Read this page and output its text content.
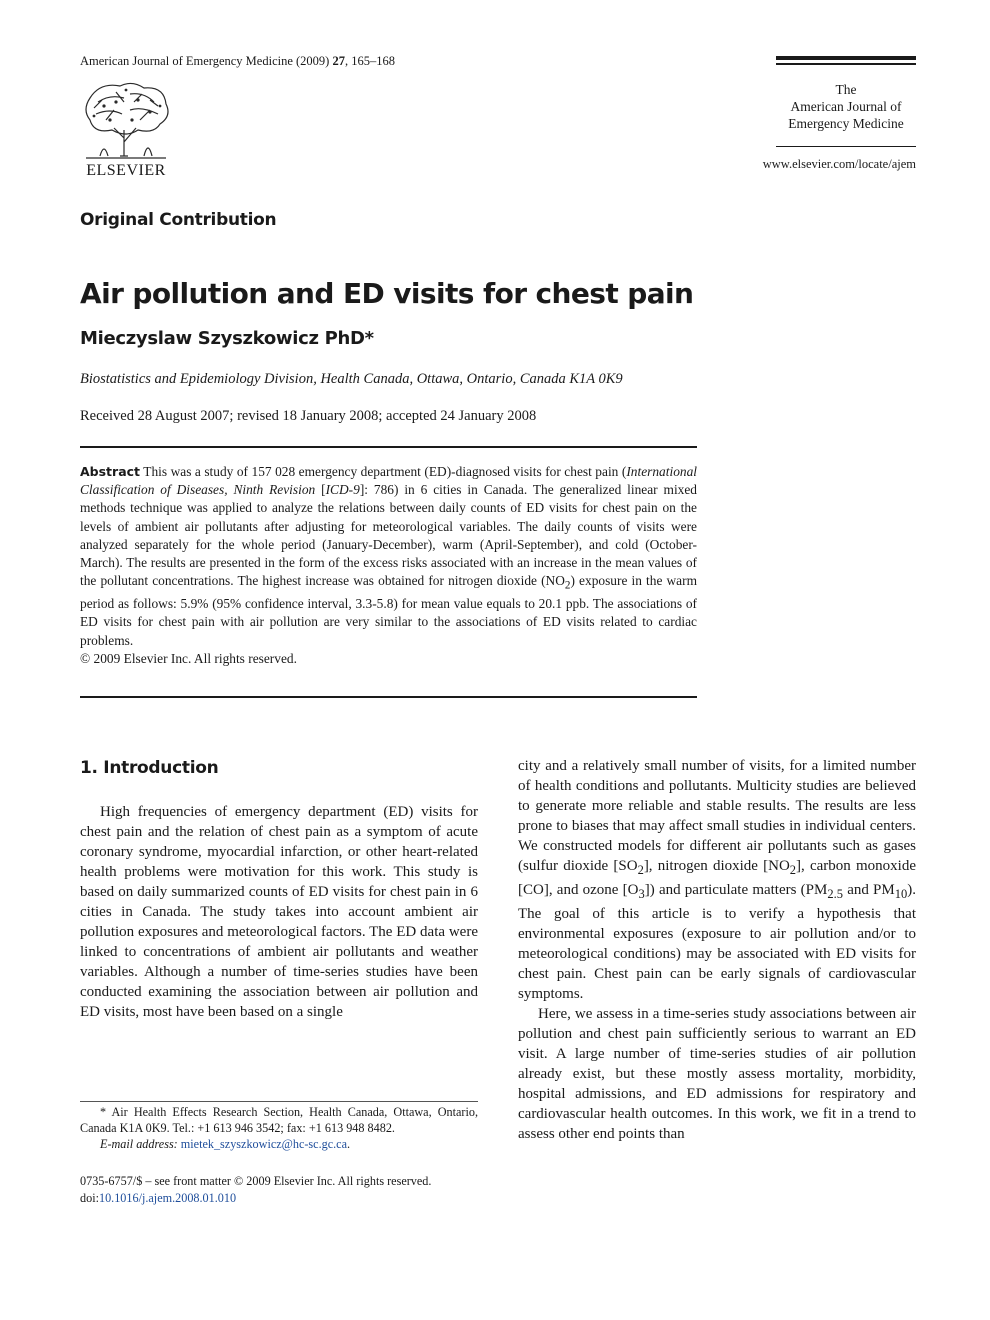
American Journal of Emergency Medicine (2009) 27, 165–168
ELSEVIER
The
American Journal of
Emergency Medicine
www.elsevier.com/locate/ajem
Original Contribution
Air pollution and ED visits for chest pain
Mieczyslaw Szyszkowicz PhD*
Biostatistics and Epidemiology Division, Health Canada, Ottawa, Ontario, Canada K1A 0K9
Received 28 August 2007; revised 18 January 2008; accepted 24 January 2008
Abstract This was a study of 157 028 emergency department (ED)-diagnosed visits for chest pain (International Classification of Diseases, Ninth Revision [ICD-9]: 786) in 6 cities in Canada. The generalized linear mixed methods technique was applied to analyze the relations between daily counts of ED visits for chest pain on the levels of ambient air pollutants after adjusting for meteorological variables. The daily counts of visits were analyzed separately for the whole period (January-December), warm (April-September), and cold (October-March). The results are presented in the form of the excess risks associated with an increase in the mean values of the pollutant concentrations. The highest increase was obtained for nitrogen dioxide $(NO_2)$ exposure in the warm period as follows: 5.9% (95% confidence interval, 3.3-5.8) for mean value equals to 20.1 ppb. The associations of ED visits for chest pain with air pollution are very similar to the associations of ED visits related to cardiac problems.
© 2009 Elsevier Inc. All rights reserved.
1. Introduction

High frequencies of emergency department (ED) visits for chest pain and the relation of chest pain as a symptom of acute coronary syndrome, myocardial infarction, or other heart-related health problems were motivation for this work. This study is based on daily summarized counts of ED visits for chest pain in 6 cities in Canada. The study takes into account ambient air pollution exposures and meteorological factors. The ED data were linked to concentrations of ambient air pollutants and weather variables. Although a number of time-series studies have been conducted examining the association between air pollution and ED visits, most have been based on a single

city and a relatively small number of visits, for a limited number of health conditions and pollutants. Multicity studies are believed to generate more reliable and stable results. The results are less prone to biases that may affect small studies in individual centers. We constructed models for different air pollutants such as gases (sulfur dioxide $[SO_2]$, nitrogen dioxide $[NO_2]$, carbon monoxide [CO], and ozone $[O_3]$) and particulate matters ($PM_{2.5}$ and $PM_{10}$). The goal of this article is to verify a hypothesis that environmental exposures (exposure to air pollution and/or to meteorological conditions) may be associated with ED visits for chest pain. Chest pain can be early signals of cardiovascular symptoms.

Here, we assess in a time-series study associations between air pollution and chest pain sufficiently serious to warrant an ED visit. A large number of time-series studies of air pollution already exist, but these mostly assess mortality, morbidity, hospital admissions, and ED admissions for respiratory and cardiovascular health outcomes. In this work, we fit in a trend to assess other end points than

* Air Health Effects Research Section, Health Canada, Ottawa, Ontario, Canada K1A 0K9. Tel.: +1 613 946 3542; fax: +1 613 948 8482.
E-mail address: mietek_szyszkowicz@hc-sc.gc.ca.
0735-6757/$ – see front matter © 2009 Elsevier Inc. All rights reserved.
doi:10.1016/j.ajem.2008.01.010
